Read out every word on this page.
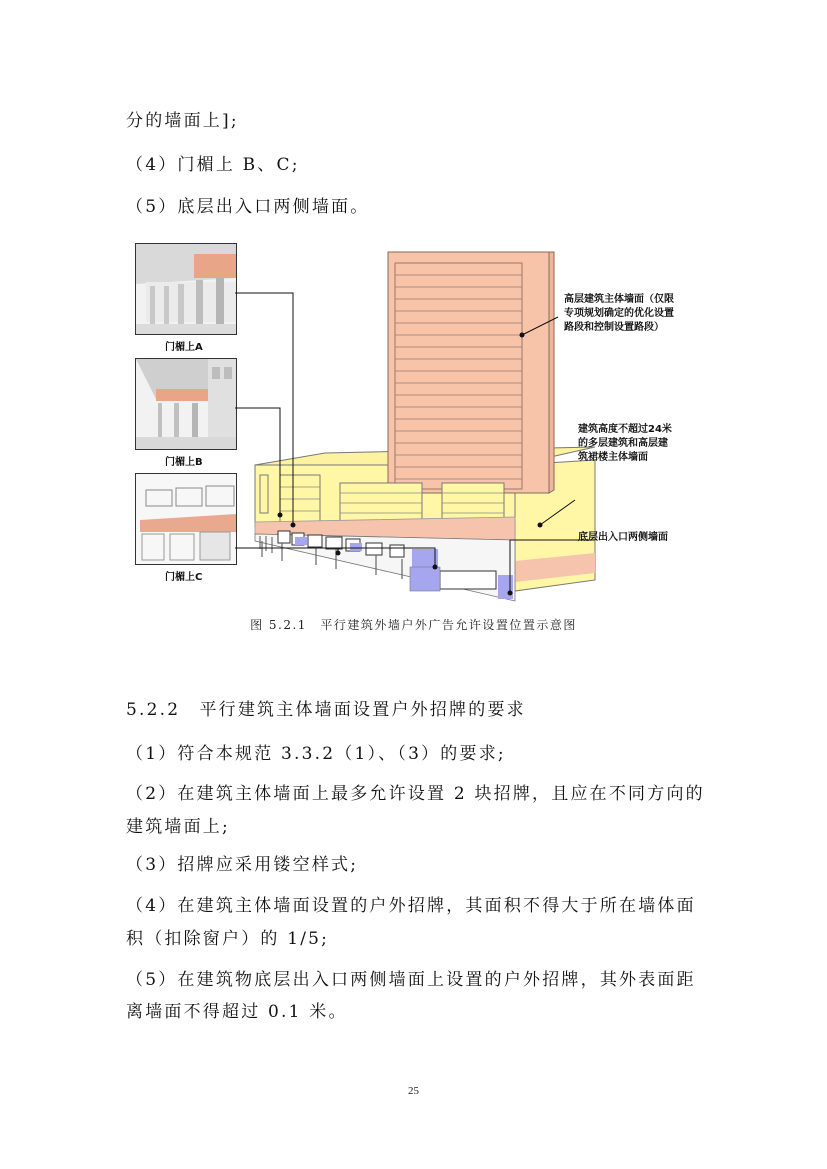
分的墙面上];
（4）门楣上 B、C;
（5）底层出入口两侧墙面。
门楣上A
门楣上B
门楣上C
高层建筑主体墙面（仅限
专项规划确定的优化设置
路段和控制设置路段）
建筑高度不超过24米
的多层建筑和高层建
筑裙楼主体墙面
底层出入口两侧墙面
图 5.2.1　平行建筑外墙户外广告允许设置位置示意图
5.2.2　平行建筑主体墙面设置户外招牌的要求
（1）符合本规范 3.3.2（1）、（3）的要求;
（2）在建筑主体墙面上最多允许设置 2 块招牌，且应在不同方向的
建筑墙面上;
（3）招牌应采用镂空样式;
（4）在建筑主体墙面设置的户外招牌，其面积不得大于所在墙体面
积（扣除窗户）的 1/5;
（5）在建筑物底层出入口两侧墙面上设置的户外招牌，其外表面距
离墙面不得超过 0.1 米。
25
